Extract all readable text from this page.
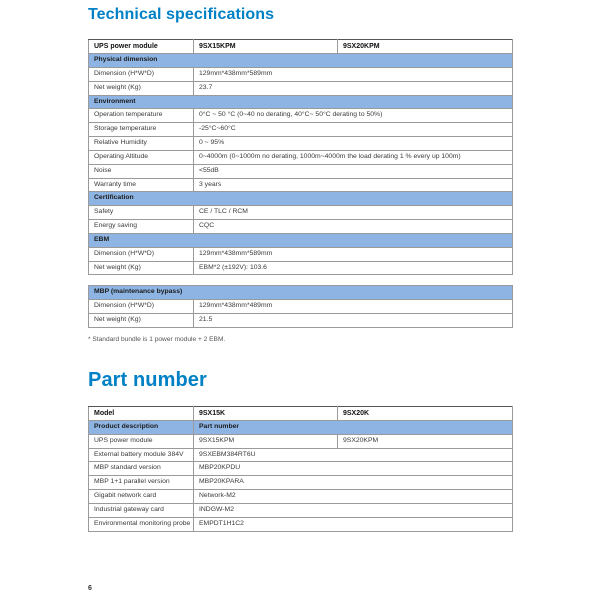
Technical specifications
UPS power module	9SX15KPM	9SX20KPM
Physical dimension		
Dimension (H*W*D)	129mm*438mm*589mm	
Net weight (Kg)	23.7	
Environment		
Operation temperature	0°C ~ 50 °C (0~40 no derating, 40°C~ 50°C derating to 50%)	
Storage temperature	-25°C~60°C	
Relative Humidity	0 ~ 95%	
Operating Altitude	0~4000m (0~1000m no derating, 1000m~4000m the load derating 1 % every up 100m)	
Noise	<55dB	
Warranty time	3 years	
Certification		
Safety	CE / TLC / RCM	
Energy saving	CQC	
EBM		
Dimension (H*W*D)	129mm*438mm*589mm	
Net weight (Kg)	EBM*2 (±192V): 103.6	
MBP (maintenance bypass)	
Dimension (H*W*D)	129mm*438mm*489mm
Net weight (Kg)	21.5
* Standard bundle is 1 power module + 2 EBM.
Part number
Model	9SX15K	9SX20K
Product description	Part number	
UPS power module	9SX15KPM	9SX20KPM
External battery module 384V	9SXEBM384RT6U	
MBP standard version	MBP20KPDU	
MBP 1+1 parallel version	MBP20KPARA	
Gigabit network card	Network-M2	
Industrial gateway card	INDGW-M2	
Environmental monitoring probe	EMPDT1H1C2	
6
